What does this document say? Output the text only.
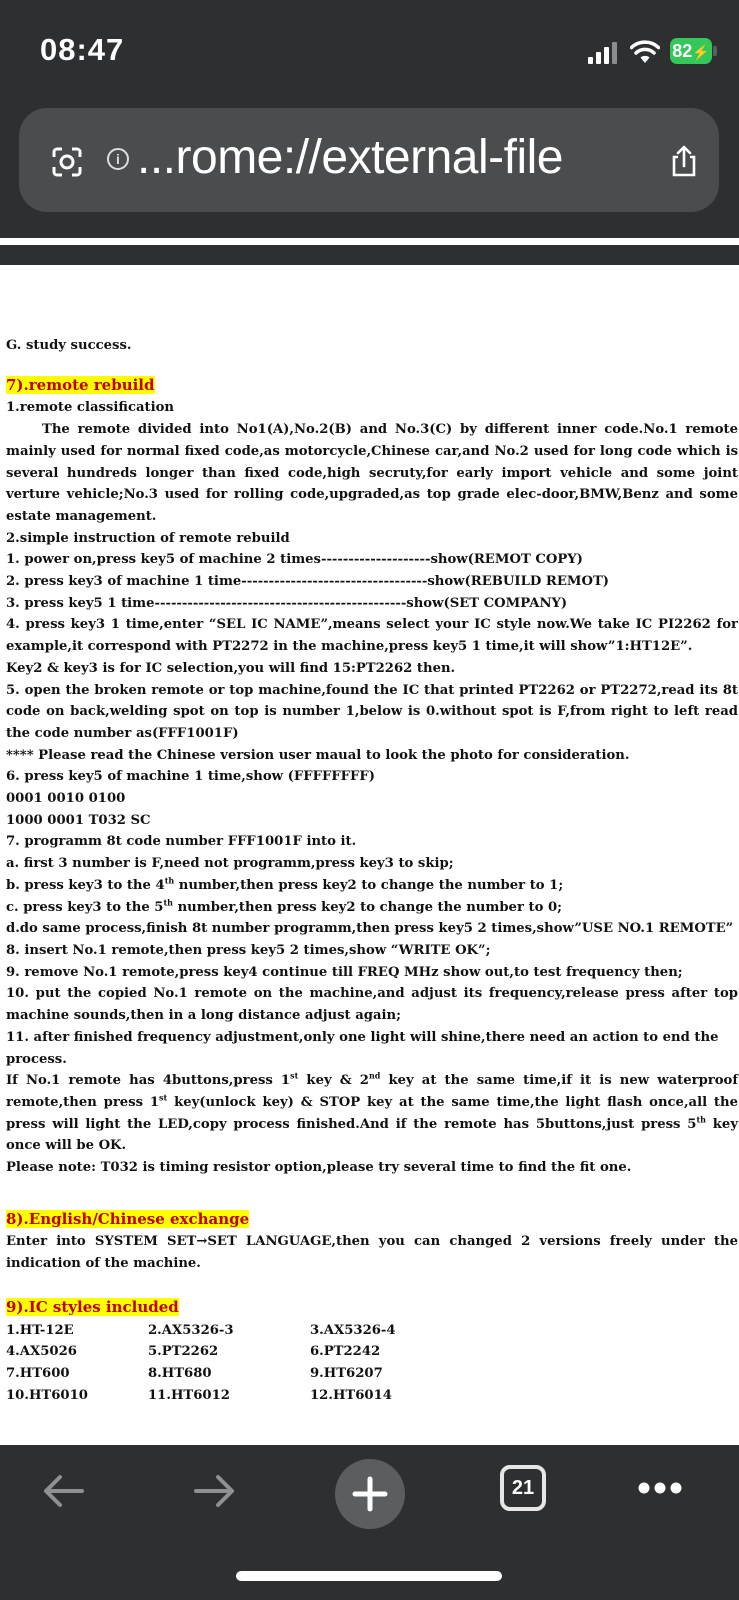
08:47	82⚡
i ...rome://external-file

G. study success.

7).remote rebuild

1.remote classification

The remote divided into No1(A),No.2(B) and No.3(C) by different inner code.No.1 remote mainly used for normal fixed code,as motorcycle,Chinese car,and No.2 used for long code which is several hundreds longer than fixed code,high secruty,for early import vehicle and some joint verture vehicle;No.3 used for rolling code,upgraded,as top grade elec-door,BMW,Benz and some estate management.

2.simple instruction of remote rebuild

1. power on,press key5 of machine 2 times--------------------show(REMOT COPY)

2. press key3 of machine 1 time----------------------------------show(REBUILD REMOT)

3. press key5 1 time----------------------------------------------show(SET COMPANY)

4. press key3 1 time,enter “SEL IC NAME”,means select your IC style now.We take IC PI2262 for example,it correspond with PT2272 in the machine,press key5 1 time,it will show”1:HT12E”.

Key2 & key3 is for IC selection,you will find 15:PT2262 then.

5. open the broken remote or top machine,found the IC that printed PT2262 or PT2272,read its 8t code on back,welding spot on top is number 1,below is 0.without spot is F,from right to left read the code number as(FFF1001F)

**** Please read the Chinese version user maual to look the photo for consideration.

6. press key5 of machine 1 time,show (FFFFFFFF)

0001 0010 0100

1000 0001 T032 SC

7. programm 8t code number FFF1001F into it.

a. first 3 number is F,need not programm,press key3 to skip;

b. press key3 to the 4th number,then press key2 to change the number to 1;

c. press key3 to the 5th number,then press key2 to change the number to 0;

d.do same process,finish 8t number programm,then press key5 2 times,show”USE NO.1 REMOTE”

8. insert No.1 remote,then press key5 2 times,show “WRITE OK”;

9. remove No.1 remote,press key4 continue till FREQ MHz show out,to test frequency then;

10. put the copied No.1 remote on the machine,and adjust its frequency,release press after top machine sounds,then in a long distance adjust again;

11. after finished frequency adjustment,only one light will shine,there need an action to end the process.

If No.1 remote has 4buttons,press 1st key & 2nd key at the same time,if it is new waterproof remote,then press 1st key(unlock key) & STOP key at the same time,the light flash once,all the press will light the LED,copy process finished.And if the remote has 5buttons,just press 5th key once will be OK.

Please note: T032 is timing resistor option,please try several time to find the fit one.

8).English/Chinese exchange

Enter into SYSTEM SET→SET LANGUAGE,then you can changed 2 versions freely under the indication of the machine.

9).IC styles included

1.HT-12E	2.AX5326-3	3.AX5326-4
4.AX5026	5.PT2262	6.PT2242
7.HT600	8.HT680	9.HT6207
10.HT6010	11.HT6012	12.HT6014
21
